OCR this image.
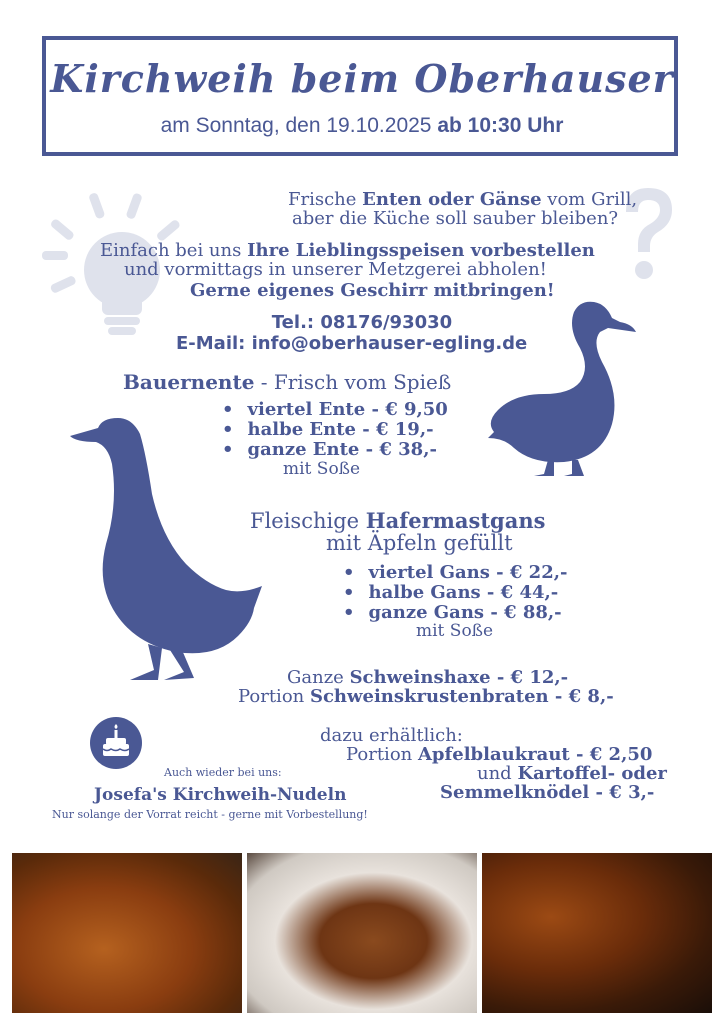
Kirchweih beim Oberhauser
am Sonntag, den 19.10.2025 ab 10:30 Uhr
Frische Enten oder Gänse vom Grill,
aber die Küche soll sauber bleiben?
Einfach bei uns Ihre Lieblingsspeisen vorbestellen
und vormittags in unserer Metzgerei abholen!
Gerne eigenes Geschirr mitbringen!
Tel.: 08176/93030
E-Mail: info@oberhauser-egling.de
Bauernente - Frisch vom Spieß
• viertel Ente - € 9,50
• halbe Ente - € 19,-
• ganze Ente - € 38,-
mit Soße
Fleischige Hafermastgans
mit Äpfeln gefüllt
• viertel Gans - € 22,-
• halbe Gans - € 44,-
• ganze Gans - € 88,-
mit Soße
Ganze Schweinshaxe - € 12,-
Portion Schweinskrustenbraten - € 8,-
dazu erhältlich:
Portion Apfelblaukraut - € 2,50
und Kartoffel- oder
Semmelknödel - € 3,-
Auch wieder bei uns:
Josefa's Kirchweih-Nudeln
Nur solange der Vorrat reicht - gerne mit Vorbestellung!
